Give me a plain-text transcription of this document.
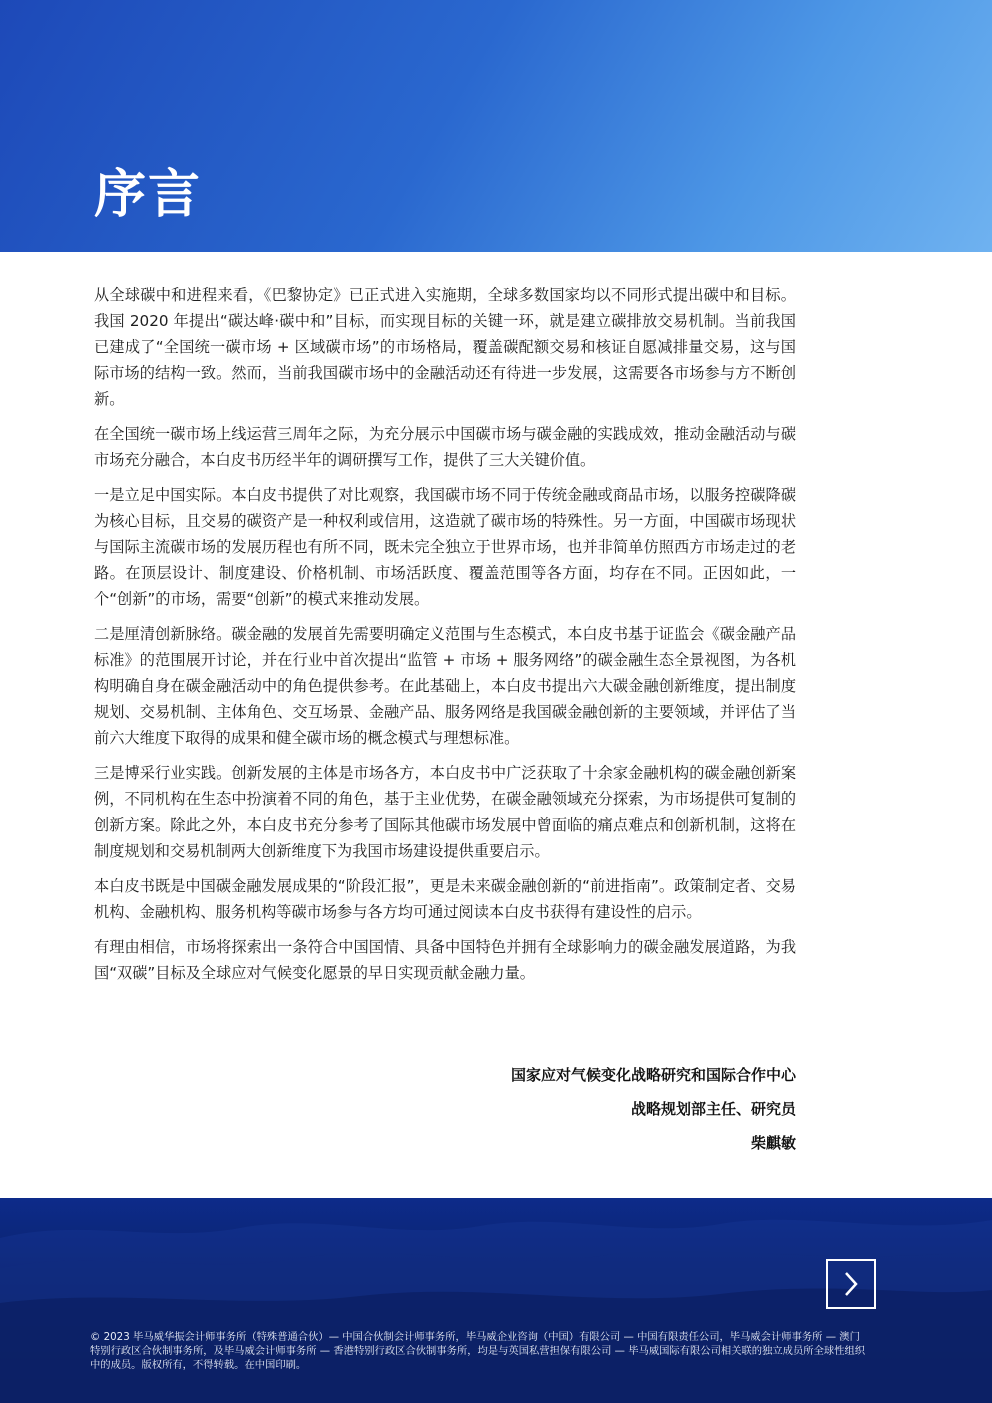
序言

从全球碳中和进程来看，《巴黎协定》已正式进入实施期，全球多数国家均以不同形式提出碳中和目标。我国 2020 年提出“碳达峰·碳中和”目标，而实现目标的关键一环，就是建立碳排放交易机制。当前我国已建成了“全国统一碳市场 + 区域碳市场”的市场格局，覆盖碳配额交易和核证自愿减排量交易，这与国际市场的结构一致。然而，当前我国碳市场中的金融活动还有待进一步发展，这需要各市场参与方不断创新。

在全国统一碳市场上线运营三周年之际，为充分展示中国碳市场与碳金融的实践成效，推动金融活动与碳市场充分融合，本白皮书历经半年的调研撰写工作，提供了三大关键价值。

一是立足中国实际。本白皮书提供了对比观察，我国碳市场不同于传统金融或商品市场，以服务控碳降碳为核心目标，且交易的碳资产是一种权利或信用，这造就了碳市场的特殊性。另一方面，中国碳市场现状与国际主流碳市场的发展历程也有所不同，既未完全独立于世界市场，也并非简单仿照西方市场走过的老路。在顶层设计、制度建设、价格机制、市场活跃度、覆盖范围等各方面，均存在不同。正因如此，一个“创新”的市场，需要“创新”的模式来推动发展。

二是厘清创新脉络。碳金融的发展首先需要明确定义范围与生态模式，本白皮书基于证监会《碳金融产品标准》的范围展开讨论，并在行业中首次提出“监管 + 市场 + 服务网络”的碳金融生态全景视图，为各机构明确自身在碳金融活动中的角色提供参考。在此基础上，本白皮书提出六大碳金融创新维度，提出制度规划、交易机制、主体角色、交互场景、金融产品、服务网络是我国碳金融创新的主要领域，并评估了当前六大维度下取得的成果和健全碳市场的概念模式与理想标准。

三是博采行业实践。创新发展的主体是市场各方，本白皮书中广泛获取了十余家金融机构的碳金融创新案例，不同机构在生态中扮演着不同的角色，基于主业优势，在碳金融领域充分探索，为市场提供可复制的创新方案。除此之外，本白皮书充分参考了国际其他碳市场发展中曾面临的痛点难点和创新机制，这将在制度规划和交易机制两大创新维度下为我国市场建设提供重要启示。

本白皮书既是中国碳金融发展成果的“阶段汇报”，更是未来碳金融创新的“前进指南”。政策制定者、交易机构、金融机构、服务机构等碳市场参与各方均可通过阅读本白皮书获得有建设性的启示。

有理由相信，市场将探索出一条符合中国国情、具备中国特色并拥有全球影响力的碳金融发展道路，为我国“双碳”目标及全球应对气候变化愿景的早日实现贡献金融力量。

国家应对气候变化战略研究和国际合作中心
战略规划部主任、研究员
柴麒敏

© 2023 毕马威华振会计师事务所（特殊普通合伙）— 中国合伙制会计师事务所，毕马威企业咨询（中国）有限公司 — 中国有限责任公司，毕马威会计师事务所 — 澳门特别行政区合伙制事务所，及毕马威会计师事务所 — 香港特别行政区合伙制事务所，均是与英国私营担保有限公司 — 毕马威国际有限公司相关联的独立成员所全球性组织中的成员。版权所有，不得转载。在中国印刷。
